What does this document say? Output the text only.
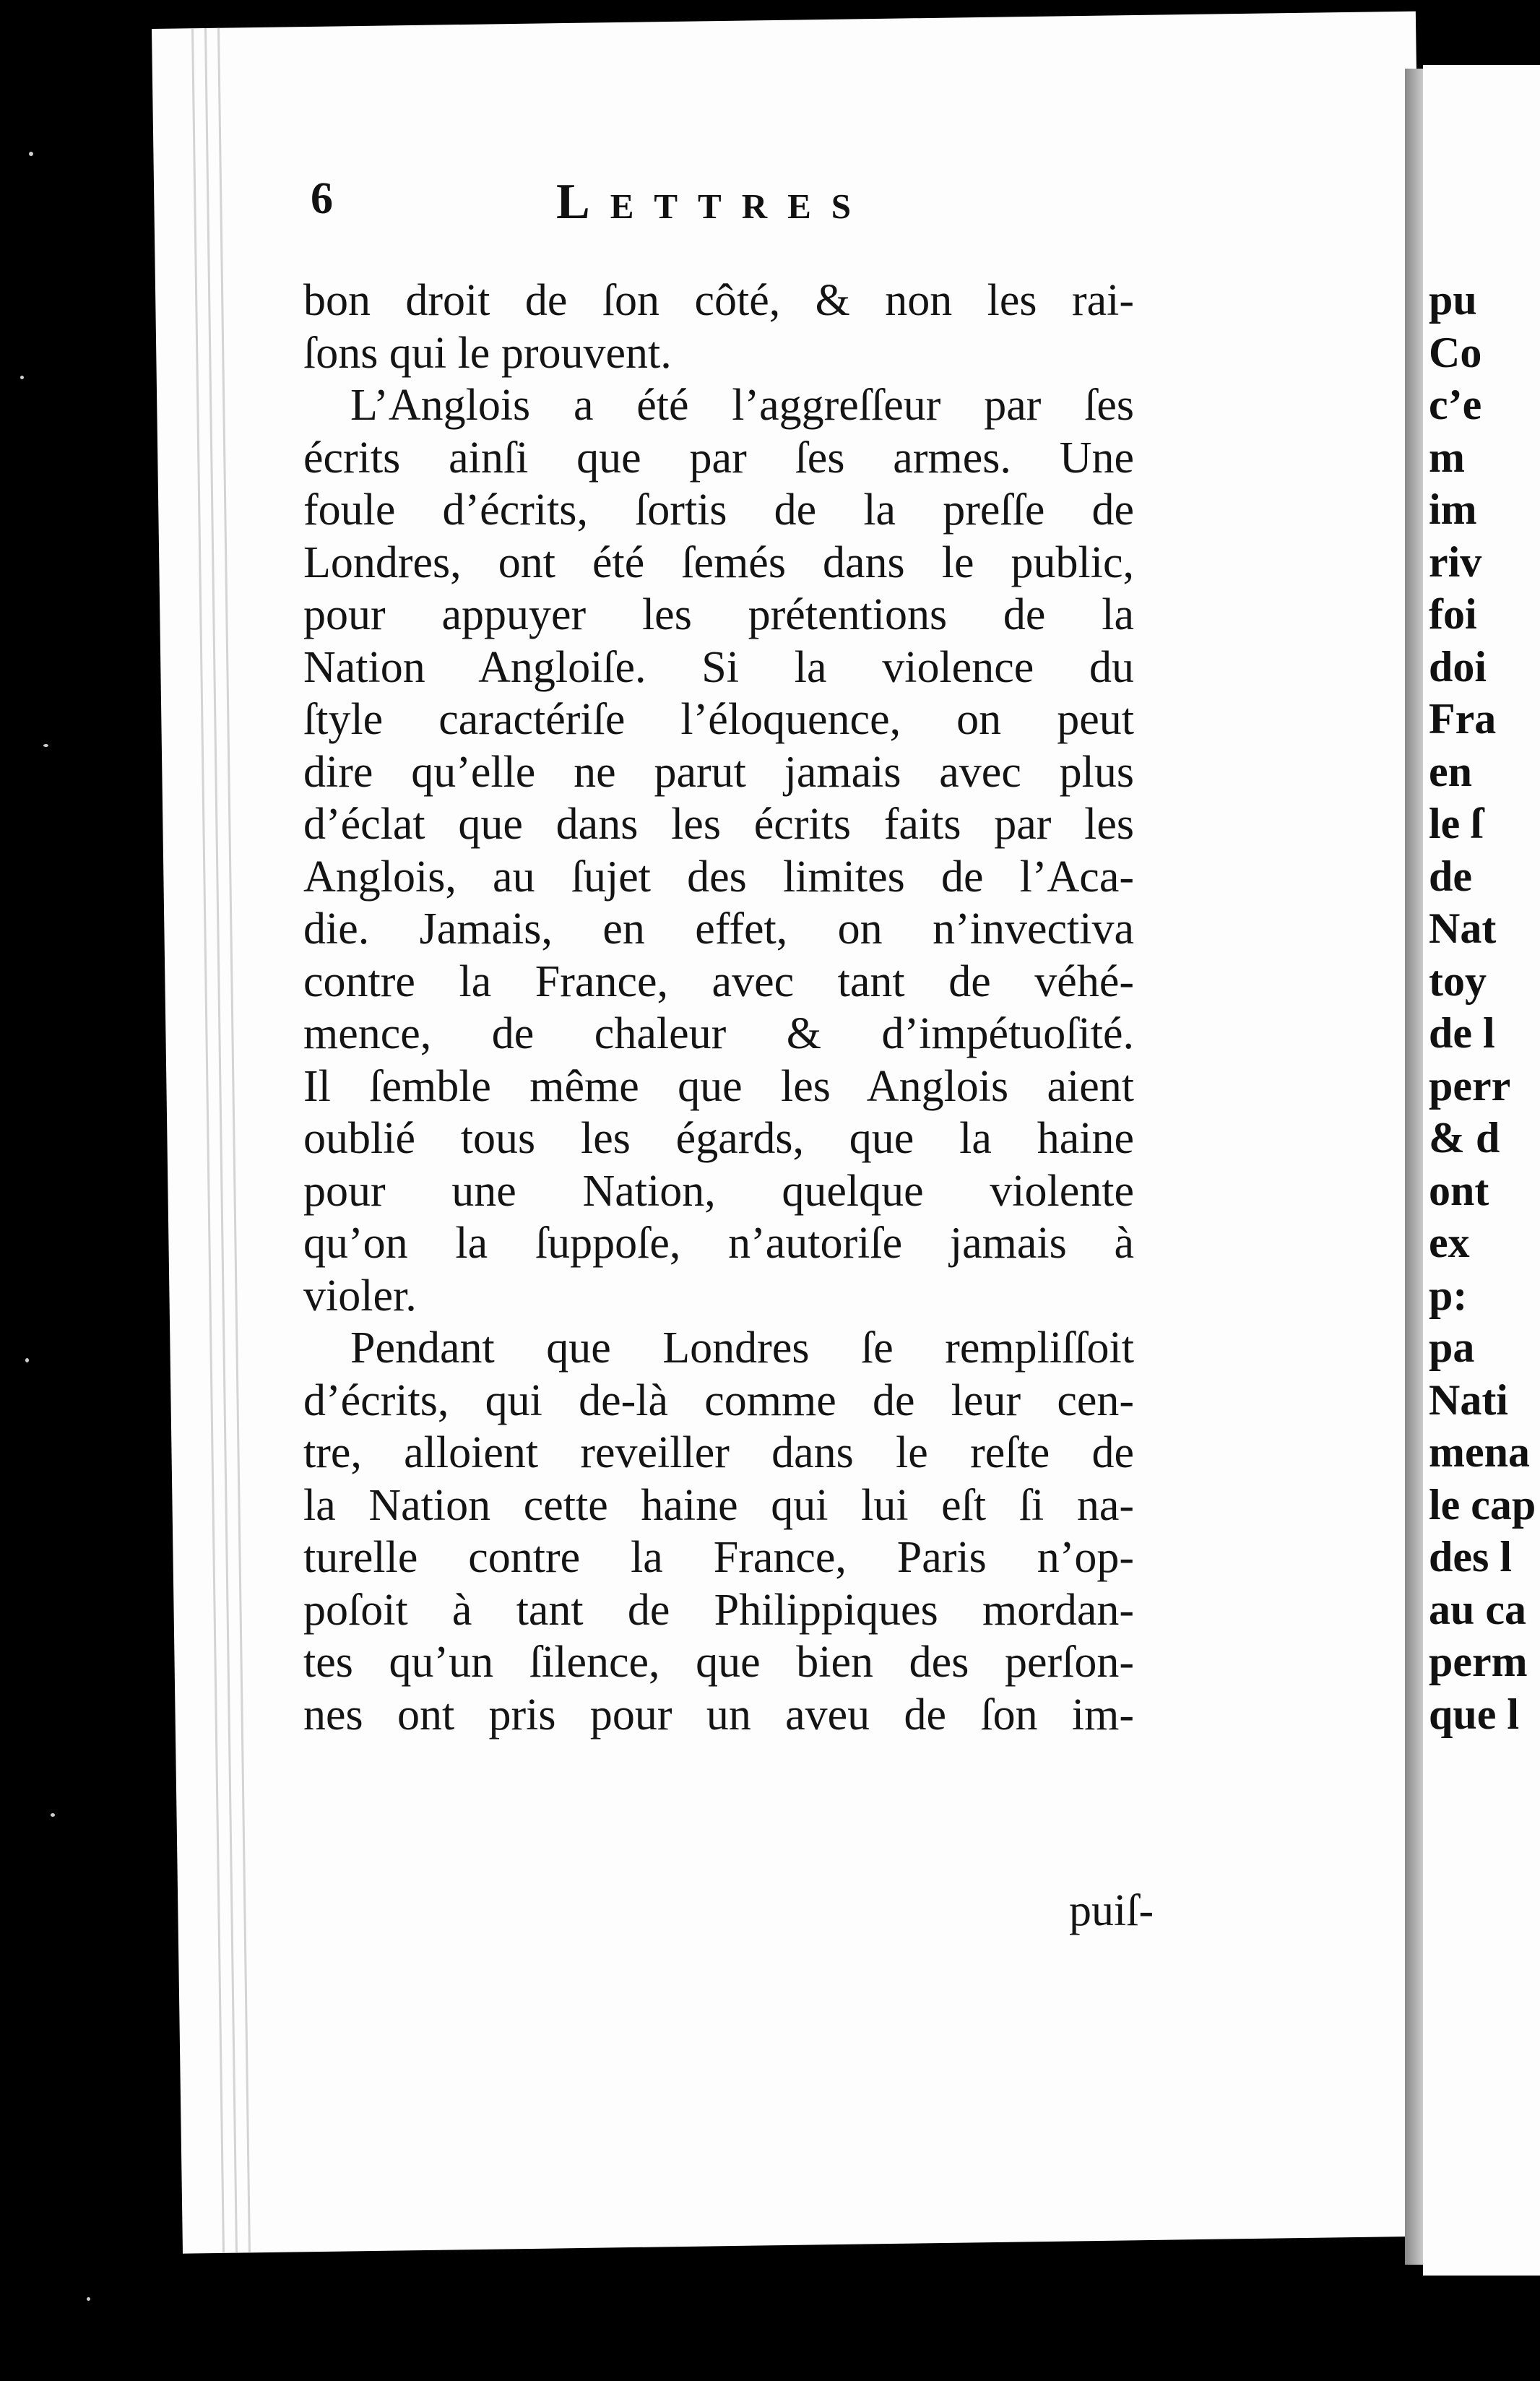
pu
Co
c’e
m
im
riv
foi
doi
Fra
en
le ſ
de
Nat
toy
de l
perr
& d
ont
ex
p:
pa
Nati
mena
le cap
des l
au ca
perm
que l
6	Lettres
bon droit de ſon côté, & non les rai-
ſons qui le prouvent.
L’Anglois a été l’aggreſſeur par ſes
écrits ainſi que par ſes armes. Une
foule d’écrits, ſortis de la preſſe de
Londres, ont été ſemés dans le public,
pour appuyer les prétentions de la
Nation Angloiſe. Si la violence du
ſtyle caractériſe l’éloquence, on peut
dire qu’elle ne parut jamais avec plus
d’éclat que dans les écrits faits par les
Anglois, au ſujet des limites de l’Aca-
die. Jamais, en effet, on n’invectiva
contre la France, avec tant de véhé-
mence, de chaleur & d’impétuoſité.
Il ſemble même que les Anglois aient
oublié tous les égards, que la haine
pour une Nation, quelque violente
qu’on la ſuppoſe, n’autoriſe jamais à
violer.
Pendant que Londres ſe rempliſſoit
d’écrits, qui de-là comme de leur cen-
tre, alloient reveiller dans le reſte de
la Nation cette haine qui lui eſt ſi na-
turelle contre la France, Paris n’op-
poſoit à tant de Philippiques mordan-
tes qu’un ſilence, que bien des perſon-
nes ont pris pour un aveu de ſon im-
puiſ-
